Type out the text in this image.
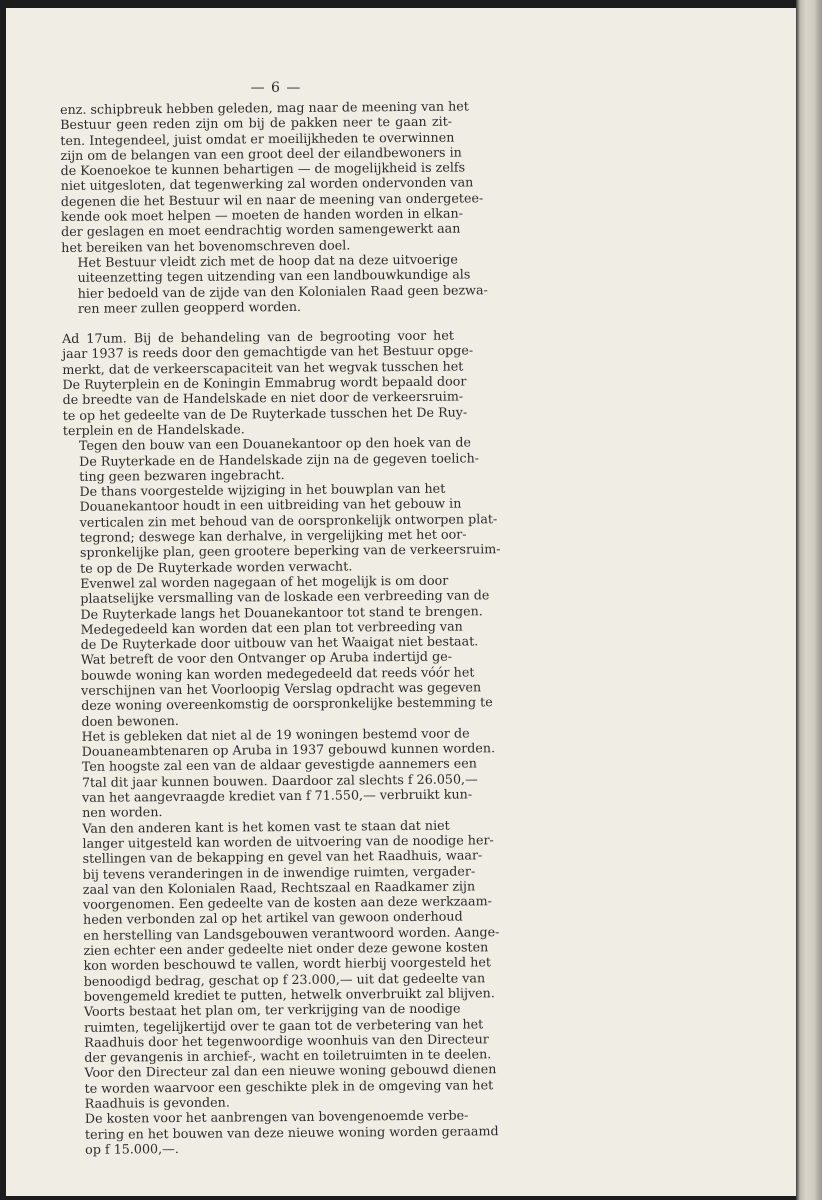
— 6 —

enz. schipbreuk hebben geleden, mag naar de meening van het
Bestuur geen reden zijn om bij de pakken neer te gaan zit-
ten. Integendeel, juist omdat er moeilijkheden te overwinnen
zijn om de belangen van een groot deel der eilandbewoners in
de Koenoekoe te kunnen behartigen — de mogelijkheid is zelfs
niet uitgesloten, dat tegenwerking zal worden ondervonden van
degenen die het Bestuur wil en naar de meening van ondergetee-
kende ook moet helpen — moeten de handen worden in elkan-
der geslagen en moet eendrachtig worden samengewerkt aan
het bereiken van het bovenomschreven doel.

Het Bestuur vleidt zich met de hoop dat na deze uitvoerige
uiteenzetting tegen uitzending van een landbouwkundige als
hier bedoeld van de zijde van den Kolonialen Raad geen bezwa-
ren meer zullen geopperd worden.

Ad 17um. Bij de behandeling van de begrooting voor het
jaar 1937 is reeds door den gemachtigde van het Bestuur opge-
merkt, dat de verkeerscapaciteit van het wegvak tusschen het
De Ruyterplein en de Koningin Emmabrug wordt bepaald door
de breedte van de Handelskade en niet door de verkeersruim-
te op het gedeelte van de De Ruyterkade tusschen het De Ruy-
terplein en de Handelskade.

Tegen den bouw van een Douanekantoor op den hoek van de
De Ruyterkade en de Handelskade zijn na de gegeven toelich-
ting geen bezwaren ingebracht.

De thans voorgestelde wijziging in het bouwplan van het
Douanekantoor houdt in een uitbreiding van het gebouw in
verticalen zin met behoud van de oorspronkelijk ontworpen plat-
tegrond; deswege kan derhalve, in vergelijking met het oor-
spronkelijke plan, geen grootere beperking van de verkeersruim-
te op de De Ruyterkade worden verwacht.

Evenwel zal worden nagegaan of het mogelijk is om door
plaatselijke versmalling van de loskade een verbreeding van de
De Ruyterkade langs het Douanekantoor tot stand te brengen.

Medegedeeld kan worden dat een plan tot verbreeding van
de De Ruyterkade door uitbouw van het Waaigat niet bestaat.

Wat betreft de voor den Ontvanger op Aruba indertijd ge-
bouwde woning kan worden medegedeeld dat reeds vóór het
verschijnen van het Voorloopig Verslag opdracht was gegeven
deze woning overeenkomstig de oorspronkelijke bestemming te
doen bewonen.

Het is gebleken dat niet al de 19 woningen bestemd voor de
Douaneambtenaren op Aruba in 1937 gebouwd kunnen worden.
Ten hoogste zal een van de aldaar gevestigde aannemers een
7tal dit jaar kunnen bouwen. Daardoor zal slechts f 26.050,—
van het aangevraagde krediet van f 71.550,— verbruikt kun-
nen worden.

Van den anderen kant is het komen vast te staan dat niet
langer uitgesteld kan worden de uitvoering van de noodige her-
stellingen van de bekapping en gevel van het Raadhuis, waar-
bij tevens veranderingen in de inwendige ruimten, vergader-
zaal van den Kolonialen Raad, Rechtszaal en Raadkamer zijn
voorgenomen. Een gedeelte van de kosten aan deze werkzaam-
heden verbonden zal op het artikel van gewoon onderhoud
en herstelling van Landsgebouwen verantwoord worden. Aange-
zien echter een ander gedeelte niet onder deze gewone kosten
kon worden beschouwd te vallen, wordt hierbij voorgesteld het
benoodigd bedrag, geschat op f 23.000,— uit dat gedeelte van
bovengemeld krediet te putten, hetwelk onverbruikt zal blijven.

Voorts bestaat het plan om, ter verkrijging van de noodige
ruimten, tegelijkertijd over te gaan tot de verbetering van het
Raadhuis door het tegenwoordige woonhuis van den Directeur
der gevangenis in archief-, wacht en toiletruimten in te deelen.
Voor den Directeur zal dan een nieuwe woning gebouwd dienen
te worden waarvoor een geschikte plek in de omgeving van het
Raadhuis is gevonden.

De kosten voor het aanbrengen van bovengenoemde verbe-
tering en het bouwen van deze nieuwe woning worden geraamd
op f 15.000,—.
